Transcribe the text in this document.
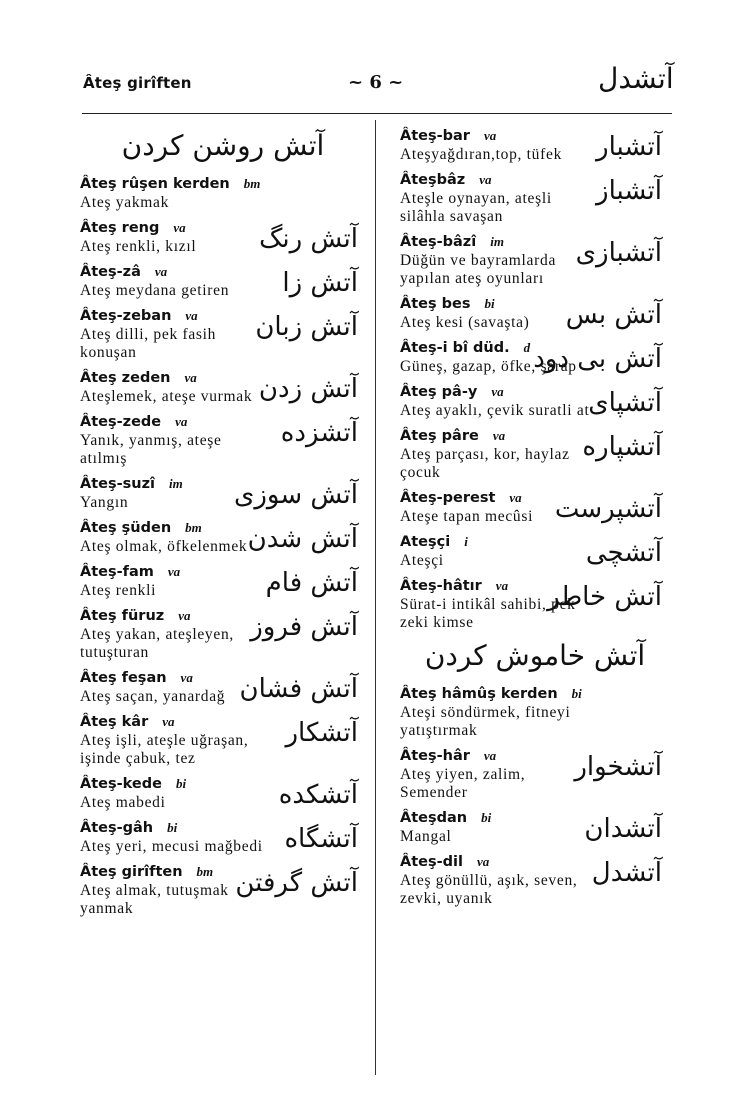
Âteş girîften	~ 6 ~	آتشدل
آتش روشن كردن
Âteş rûşen kerden bm
Ateş yakmak
Âteş reng va
Ateş renkli, kızıl	آتش رنگ
Âteş-zâ va
Ateş meydana getiren	آتش زا
Âteş-zeban va
Ateş dilli, pek fasih konuşan
آتش زبان
Âteş zeden va
Ateşlemek, ateşe vurmak آتش زدن
Âteş-zede va
Yanık, yanmış, ateşe atılmış
آتشزده
Âteş-suzî im
Yangın	آتش سوزى
Âteş şüden bm
Ateş olmak, öfkelenmek آتش شدن
Âteş-fam va
Ateş renkli	آتش فام
Âteş füruz va
Ateş yakan, ateşleyen, tutuşturan
آتش فروز
Âteş feşan va
Ateş saçan, yanardağ آتش فشان
Âteş kâr va
Ateş işli, ateşle uğraşan, işinde çabuk, tez
آتشكار
Âteş-kede bi
Ateş mabedi	آتشكده
Âteş-gâh bi
Ateş yeri, mecusi mağbedi آتشگاه
Âteş girîften bm
Ateş almak, tutuşmak yanmak
آتش گرفتن
Âteş-bar va
Ateşyağdıran,top, tüfek	آتشبار
Âteşbâz va
Ateşle oynayan, ateşli silâhla savaşan
آتشباز
Âteş-bâzî im
Düğün ve bayramlarda yapılan ateş oyunları
آتشبازى
Âteş bes bi
Ateş kesi (savaşta)	آتش بس
Âteş-i bî düd. d
Güneş, gazap, öfke, şarap
آتش بى دود
Âteş pâ-y va
Ateş ayaklı, çevik suratli at
آتشپاى
Âteş pâre va
Ateş parçası, kor, haylaz çocuk
آتشپاره
Âteş-perest va
Ateşe tapan mecûsi آتشپرست
Ateşçi i
Ateşçi	آتشچى
Âteş-hâtır va
Sürat-i intikâl sahibi, pek zeki kimse
آتش خاطر
آتش خاموش كردن
Âteş hâmûş kerden bi
Ateşi söndürmek, fitneyi yatıştırmak
Âteş-hâr va
Ateş yiyen, zalim, Semender
آتشخوار
Âteşdan bi
Mangal	آتشدان
Âteş-dil va
Ateş gönüllü, aşık, seven, zevki, uyanık
آتشدل
